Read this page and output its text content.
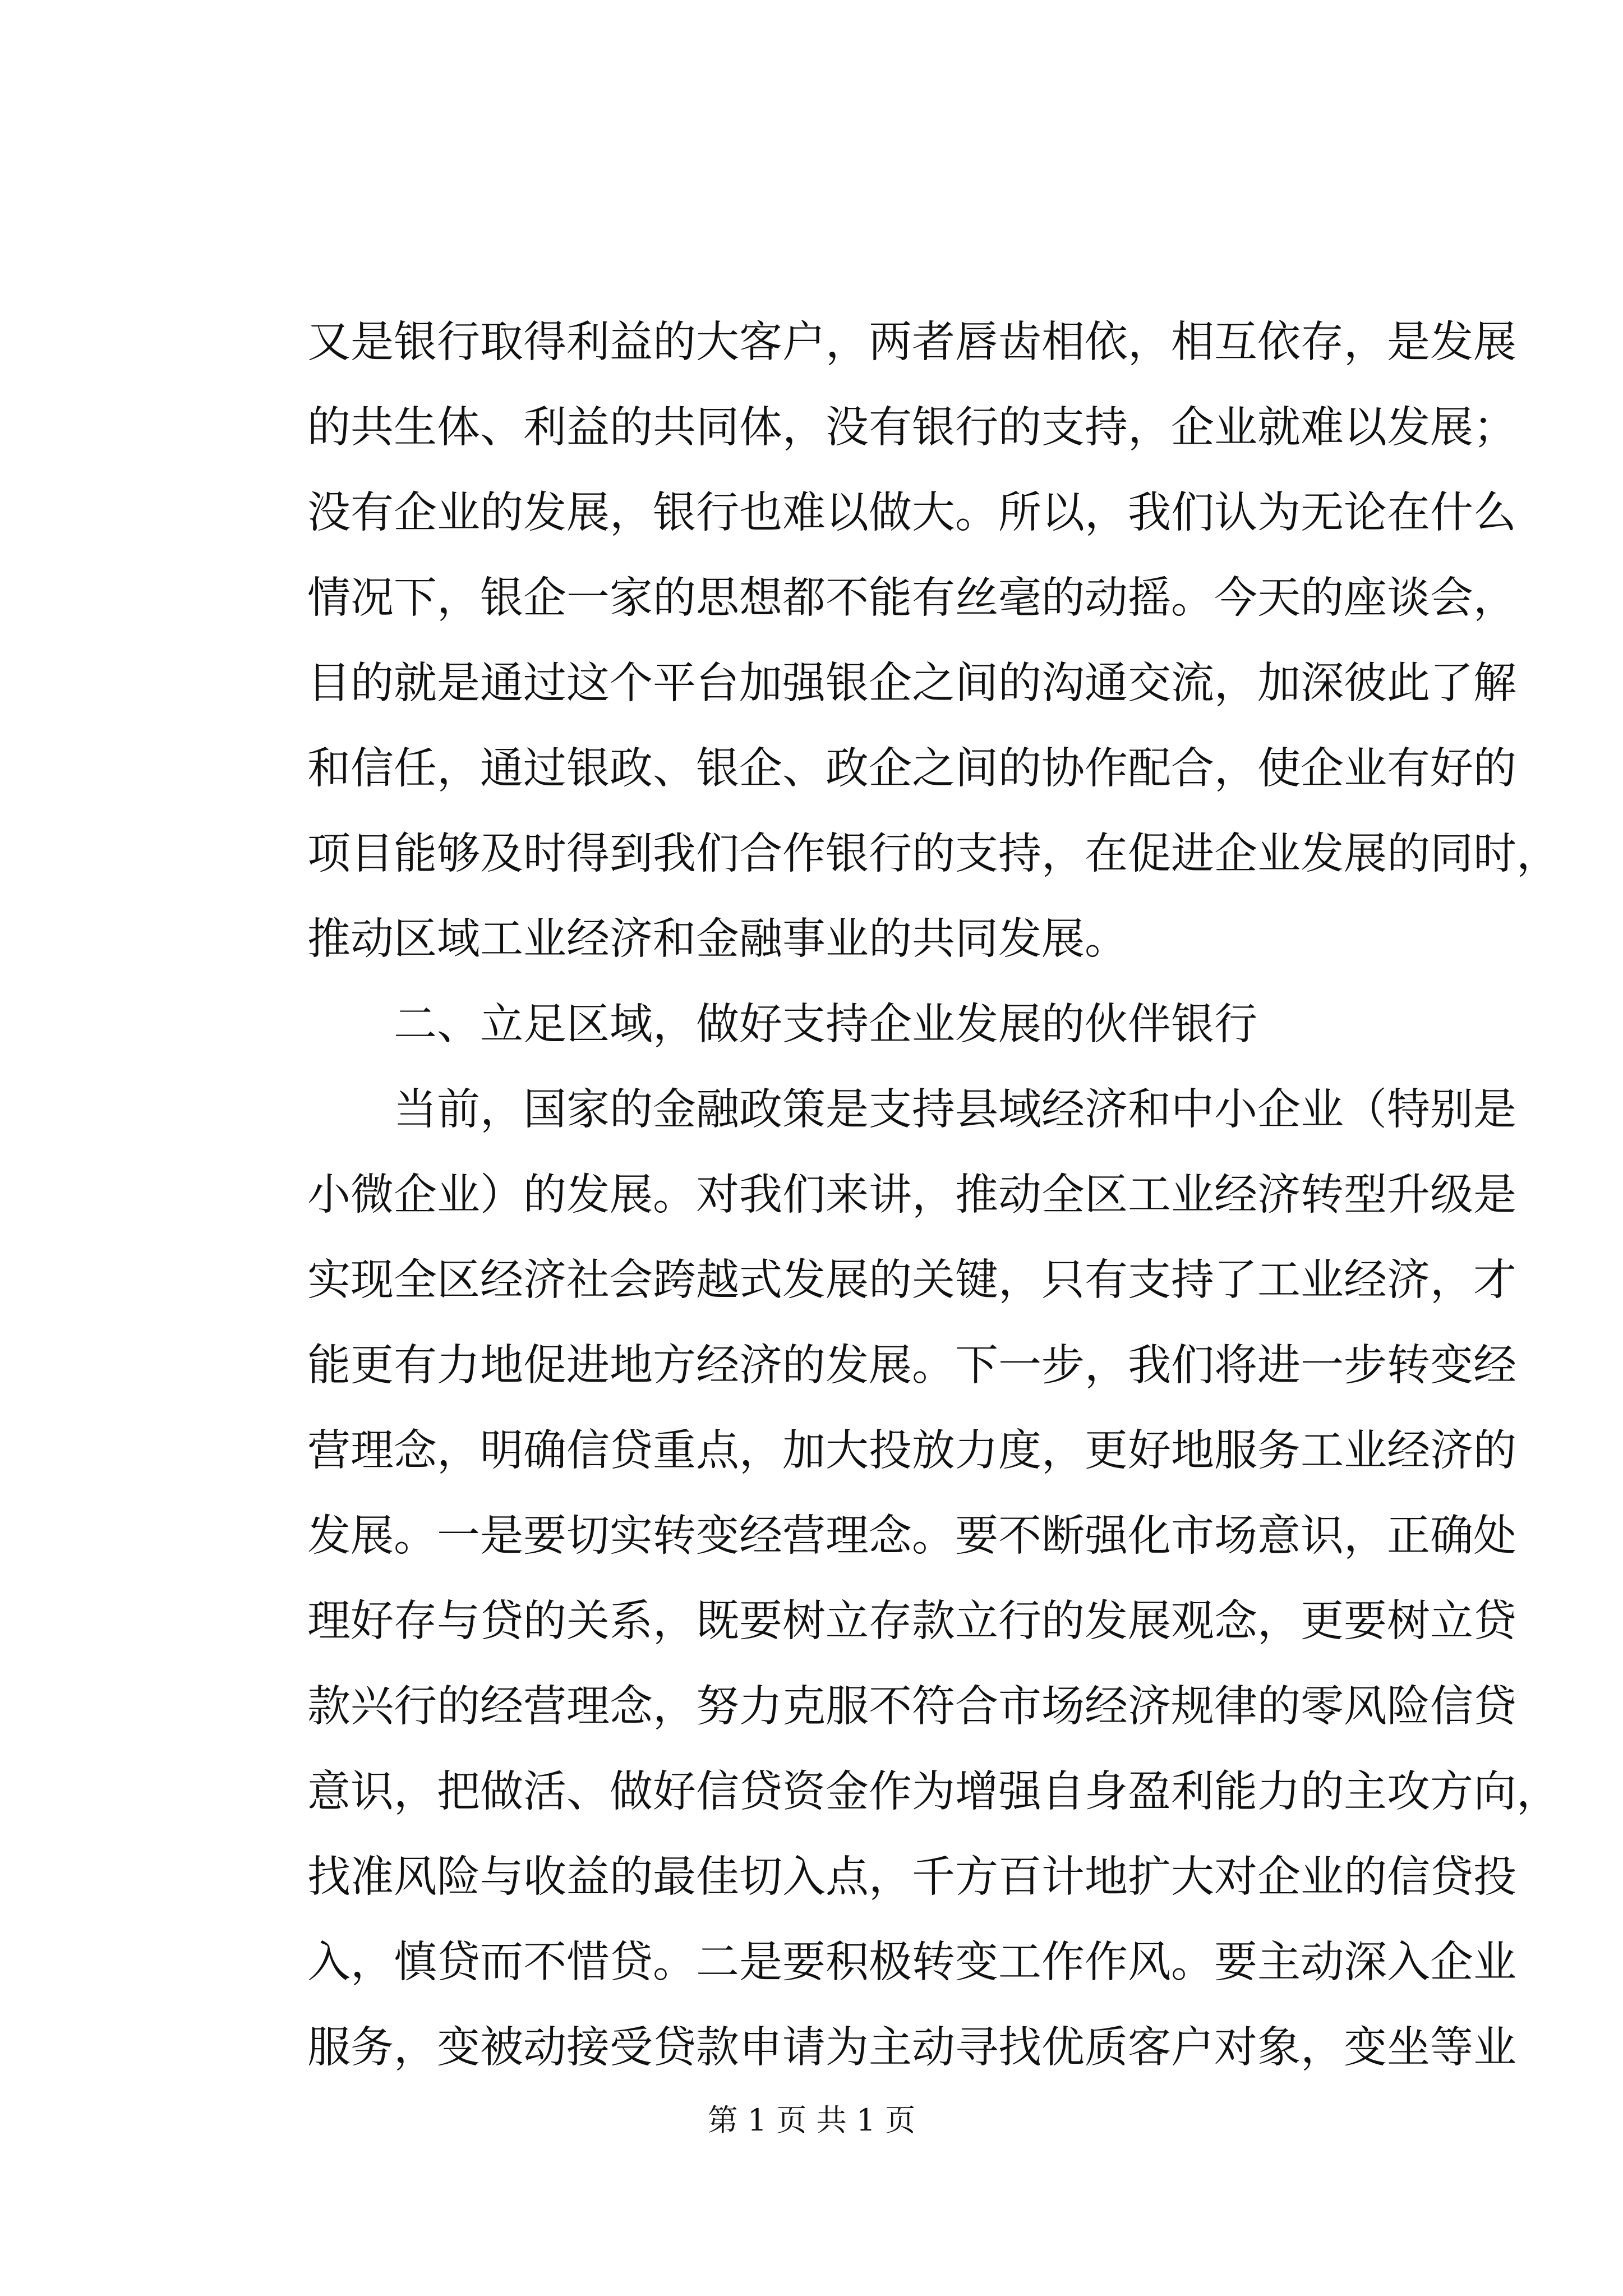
又是银行取得利益的大客户，两者唇齿相依，相互依存，是发展
的共生体、利益的共同体，没有银行的支持，企业就难以发展；
没有企业的发展，银行也难以做大。所以，我们认为无论在什么
情况下，银企一家的思想都不能有丝毫的动摇。今天的座谈会，
目的就是通过这个平台加强银企之间的沟通交流，加深彼此了解
和信任，通过银政、银企、政企之间的协作配合，使企业有好的
项目能够及时得到我们合作银行的支持，在促进企业发展的同时，
推动区域工业经济和金融事业的共同发展。
　　二、立足区域，做好支持企业发展的伙伴银行
　　当前，国家的金融政策是支持县域经济和中小企业（特别是
小微企业）的发展。对我们来讲，推动全区工业经济转型升级是
实现全区经济社会跨越式发展的关键，只有支持了工业经济，才
能更有力地促进地方经济的发展。下一步，我们将进一步转变经
营理念，明确信贷重点，加大投放力度，更好地服务工业经济的
发展。一是要切实转变经营理念。要不断强化市场意识，正确处
理好存与贷的关系，既要树立存款立行的发展观念，更要树立贷
款兴行的经营理念，努力克服不符合市场经济规律的零风险信贷
意识，把做活、做好信贷资金作为增强自身盈利能力的主攻方向，
找准风险与收益的最佳切入点，千方百计地扩大对企业的信贷投
入，慎贷而不惜贷。二是要积极转变工作作风。要主动深入企业
服务，变被动接受贷款申请为主动寻找优质客户对象，变坐等业
第 1 页 共 1 页
